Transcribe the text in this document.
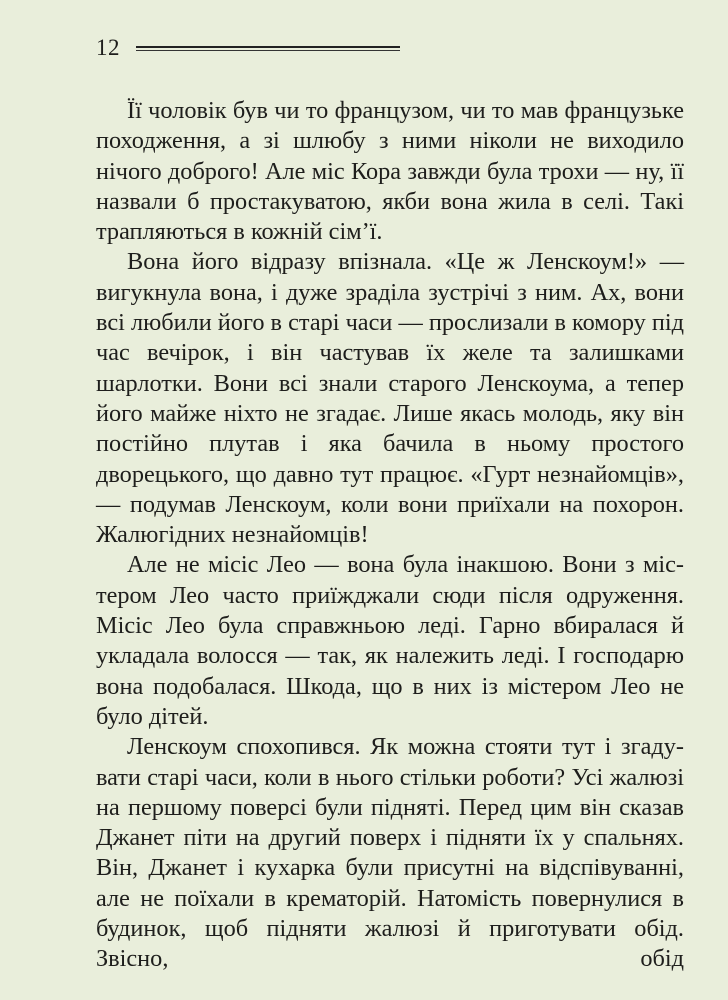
12

Її чоловік був чи то французом, чи то мав французьке походження, а зі шлюбу з ними ніколи не виходило нічого доброго! Але міс Кора завжди була трохи — ну, її назвали б простакуватою, якби вона жила в селі. Такі трапляються в кожній сім’ї.

Вона його відразу впізнала. «Це ж Ленскоум!» — вигукнула вона, і дуже зраділа зустрічі з ним. Ах, вони всі любили його в старі часи — прослизали в комору під час вечірок, і він частував їх желе та залишками шарлотки. Вони всі знали старого Ленскоума, а тепер його майже ніхто не згадає. Лише якась молодь, яку він постійно плутав і яка бачила в ньому простого дворецького, що давно тут працює. «Гурт незнайомців», — подумав Ленскоум, коли вони приїхали на похорон. Жалюгідних незнайомців!

Але не місіс Лео — вона була інакшою. Вони з містером Лео часто приїжджали сюди після одруження. Місіс Лео була справжньою леді. Гарно вбиралася й укладала волосся — так, як належить леді. І господарю вона подобалася. Шкода, що в них із містером Лео не було дітей.

Ленскоум спохопився. Як можна стояти тут і згадувати старі часи, коли в нього стільки роботи? Усі жалюзі на першому поверсі були підняті. Перед цим він сказав Джанет піти на другий поверх і підняти їх у спальнях. Він, Джанет і кухарка були присутні на відспівуванні, але не поїхали в крематорій. Натомість повернулися в будинок, щоб підняти жалюзі й приготувати обід. Звісно, обід
